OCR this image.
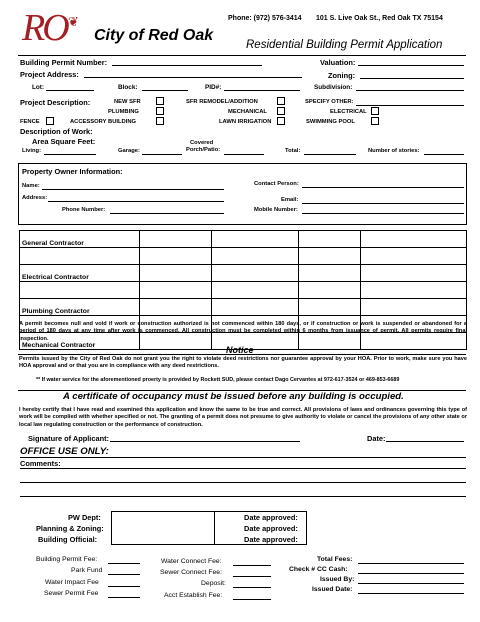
RO ❦	Phone: (972) 576-3414 101 S. Live Oak St., Red Oak TX 75154
City of Red Oak
Residential Building Permit Application
Building Permit Number:	Valuation:
Project Address:	Zoning:
Lot:	Block:	PID#:	Subdivision:
Project Description:	NEW SFR	SFR REMODEL/ADDITION	SPECIFY OTHER:
PLUMBING	MECHANICAL	ELECTRICAL
FENCE	ACCESSORY BUILDING	LAWN IRRIGATION	SWIMMING POOL
Description of Work:
Area Square Feet:	Covered
Living:	Garage:	Porch/Patio:	Total:	Number of stories:
Property Owner Information:
Name:	Contact Person:
Address:	Email:
Phone Number:	Mobile Number:
General Contractor				

Electrical Contractor				

Plumbing Contractor				

Mechanical Contractor				
A permit becomes null and void if work or construction authorized is not commenced within 180 days, or if construction or work is suspended or abandoned for a period of 180 days at any time after work is commenced. All construction must be completed within 6 months from issuance of permit. All permits require final inspection.
Notice
Permits issued by the City of Red Oak do not grant you the right to violate deed restrictions nor guarantee approval by your HOA. Prior to work, make sure you have HOA approval and or that you are in compliance with any deed restrictions.
** If water service for the aforementioned proerty is provided by Rockett SUD, please contact Dago Cervantes at 972-617-3524 or 469-853-6689
A certificate of occupancy must be issued before any building is occupied.
I hereby certify that I have read and examined this application and know the same to be true and correct. All provisions of laws and ordinances governing this type of work will be complied with whether specified or not. The granting of a permit does not presume to give authority to violate or cancel the provisions of any other state or local law regulating construction or the performance of construction.
Signature of Applicant:	Date:
OFFICE USE ONLY:
Comments:
PW Dept:
Planning & Zoning:
Building Official:
Date approved:
Date approved:
Date approved:
Building Permit Fee:
Park Fund
Water Impact Fee
Sewer Permit Fee
Water Connect Fee:
Sewer Connect Fee:
Deposit:
Acct Establish Fee:
Total Fees:
Check # CC Cash:
Issued By:
Issued Date:
